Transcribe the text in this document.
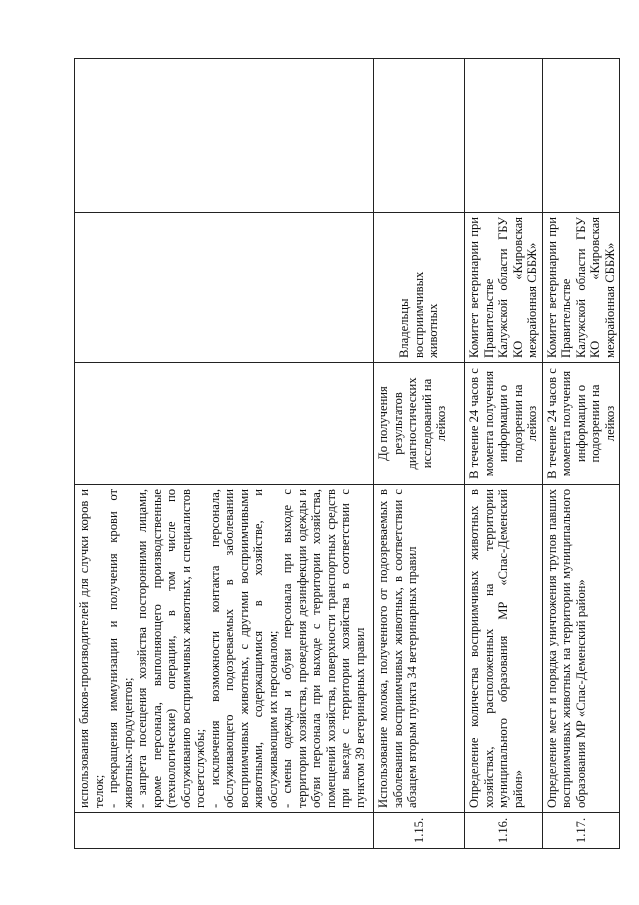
	использования быков-производителей для случки коров и телок; - прекращения иммунизации и получения крови от животных-продуцентов; - запрета посещения хозяйства посторонними лицами, кроме персонала, выполняющего производственные (технологические) операции, в том числе по обслуживанию восприимчивых животных, и специалистов госветслужбы; - исключения возможности контакта персонала, обслуживающего подозреваемых в заболевании восприимчивых животных, с другими восприимчивыми животными, содержащимися в хозяйстве, и обслуживающим их персоналом; - смены одежды и обуви персонала при выходе с территории хозяйства, проведения дезинфекции одежды и обуви персонала при выходе с территории хозяйства, помещений хозяйства, поверхности транспортных средств при выезде с территории хозяйства в соответствии с пунктом 39 ветеринарных правил			

1.15.	Использование молока, полученного от подозреваемых в заболевании восприимчивых животных, в соответствии с абзацем вторым пункта 34 ветеринарных правил	До получения результатов диагностических исследований на лейкоз	Владельцы восприимчивых животных	
1.16.	Определение количества восприимчивых животных в хозяйствах, расположенных на территории муниципального образования МР «Спас-Деменский район»	В течение 24 часов с момента получения информации о подозрении на лейкоз	Комитет ветеринарии при Правительстве Калужской области ГБУ КО «Кировская межрайонная СББЖ»	
1.17.	Определение мест и порядка уничтожения трупов павших восприимчивых животных на территории муниципального образования МР «Спас-Деменский район»	В течение 24 часов с момента получения информации о подозрении на лейкоз	Комитет ветеринарии при Правительстве Калужской области ГБУ КО «Кировская межрайонная СББЖ»	
